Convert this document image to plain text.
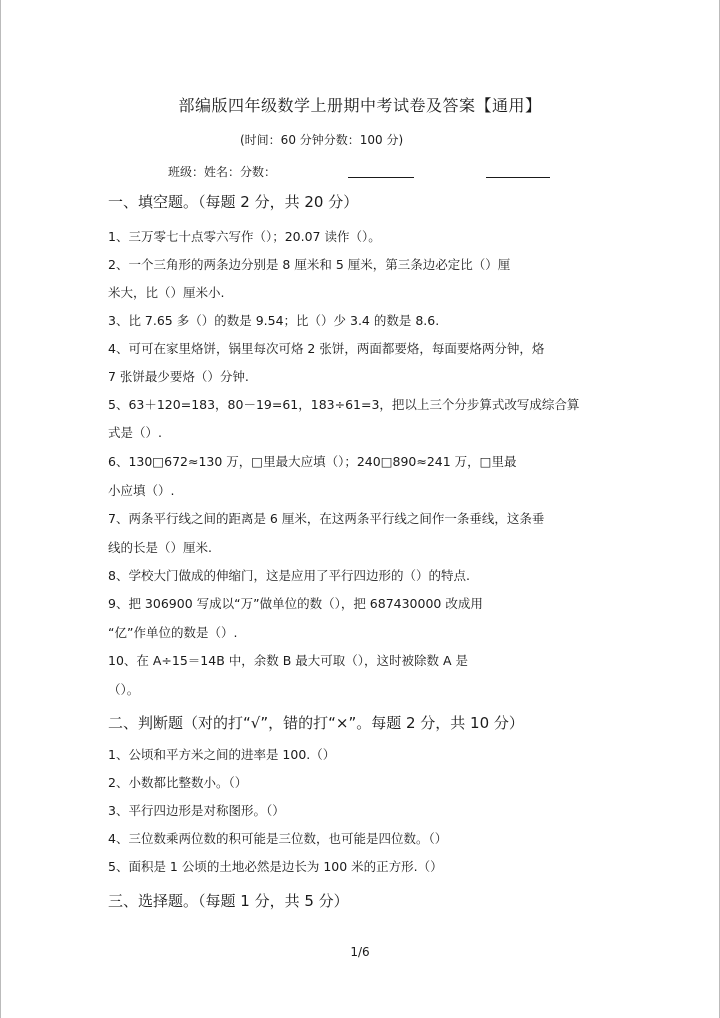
部编版四年级数学上册期中考试卷及答案【通用】
(时间：60 分钟分数：100 分)
班级：姓名：分数：
一、填空题。（每题 2 分，共 20 分）
1、三万零七十点零六写作（）；20.07 读作（）。
2、一个三角形的两条边分别是 8 厘米和 5 厘米，第三条边必定比（）厘
米大，比（）厘米小.
3、比 7.65 多（）的数是 9.54；比（）少 3.4 的数是 8.6.
4、可可在家里烙饼，锅里每次可烙 2 张饼，两面都要烙，每面要烙两分钟，烙
7 张饼最少要烙（）分钟.
5、63＋120=183，80－19=61，183÷61=3，把以上三个分步算式改写成综合算
式是（）.
6、130□672≈130 万，□里最大应填（）；240□890≈241 万，□里最
小应填（）.
7、两条平行线之间的距离是 6 厘米，在这两条平行线之间作一条垂线，这条垂
线的长是（）厘米.
8、学校大门做成的伸缩门，这是应用了平行四边形的（）的特点.
9、把 306900 写成以“万”做单位的数（），把 687430000 改成用
“亿”作单位的数是（）.
10、在 A÷15＝14B 中，余数 B 最大可取（），这时被除数 A 是
（）。
二、判断题（对的打“√”，错的打“×”。每题 2 分，共 10 分）
1、公顷和平方米之间的进率是 100.（）
2、小数都比整数小。（）
3、平行四边形是对称图形。（）
4、三位数乘两位数的积可能是三位数，也可能是四位数。（）
5、面积是 1 公顷的土地必然是边长为 100 米的正方形.（）
三、选择题。（每题 1 分，共 5 分）
1/6
